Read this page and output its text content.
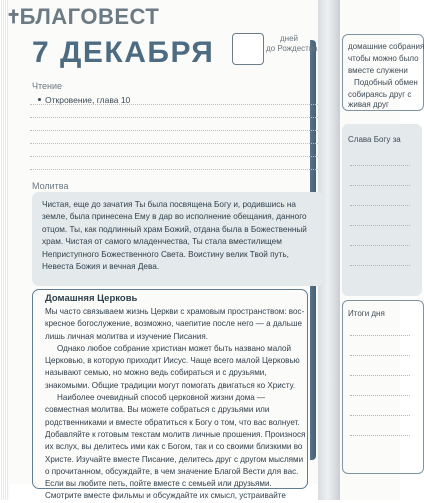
✝БЛАГОВЕСТ
7 ДЕКАБРЯ	дней
до Рождества
Чтение
Откровение, глава 10
Молитва
Чистая, еще до зачатия Ты была посвящена Богу и, родившись на земле, была принесена Ему в дар во исполнение обещания, данного отцом. Ты, как подлинный храм Божий, отдана была в Божественный храм. Чистая от самого младенчества, Ты стала вместилищем Неприступного Божественного Света. Воистину велик Твой путь, Невеста Божия и вечная Дева.
Домашняя Церковь

Мы часто связываем жизнь Церкви с храмовым пространством: воскресное богослужение, возможно, чаепитие после него — а дальше лишь личная молитва и изучение Писания.

Однако любое собрание христиан может быть названо малой Церковью, в которую приходит Иисус. Чаще всего малой Церковью называют семью, но можно ведь собираться и с друзьями, знакомыми. Общие традиции могут помогать двигаться ко Христу.

Наиболее очевидный способ церковной жизни дома — совместная молитва. Вы можете собраться с друзьями или родственниками и вместе обратиться к Богу о том, что вас волнует. Добавляйте к готовым текстам молитв личные прошения. Произнося их вслух, вы делитесь ими как с Богом, так и со своими близкими во Христе. Изучайте вместе Писание, делитесь друг с другом мыслями о прочитанном, обсуждайте, в чем значение Благой Вести для вас. Если вы любите петь, пойте вместе с семьей или друзьями. Смотрите вместе фильмы и обсуждайте их смысл, устраивайте

домашние собрания
чтобы можно было
вместе служени
Подобный обмен
собираясь друг с
живая друг
Слава Богу за
Итоги дня
